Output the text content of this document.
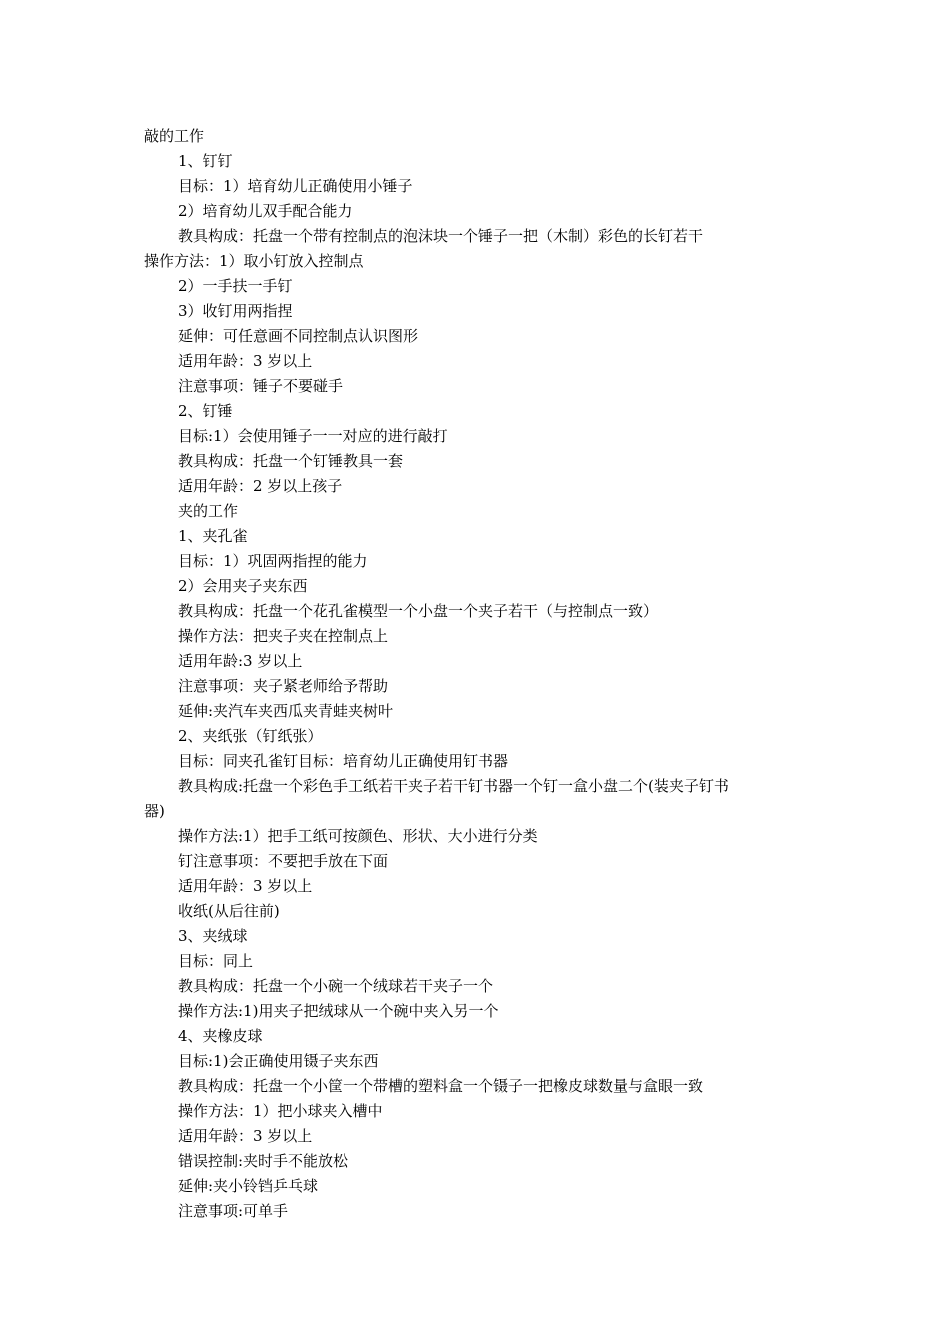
敲的工作
1、钉钉
目标：1）培育幼儿正确使用小锤子
2）培育幼儿双手配合能力
教具构成：托盘一个带有控制点的泡沫块一个锤子一把（木制）彩色的长钉若干
操作方法：1）取小钉放入控制点
2）一手扶一手钉
3）收钉用两指捏
延伸：可任意画不同控制点认识图形
适用年龄：3 岁以上
注意事项：锤子不要碰手
2、钉锤
目标:1）会使用锤子一一对应的进行敲打
教具构成：托盘一个钉锤教具一套
适用年龄：2 岁以上孩子
夹的工作
1、夹孔雀
目标：1）巩固两指捏的能力
2）会用夹子夹东西
教具构成：托盘一个花孔雀模型一个小盘一个夹子若干（与控制点一致）
操作方法：把夹子夹在控制点上
适用年龄:3 岁以上
注意事项：夹子紧老师给予帮助
延伸:夹汽车夹西瓜夹青蛙夹树叶
2、夹纸张（钉纸张）
目标：同夹孔雀钉目标：培育幼儿正确使用钉书器
教具构成:托盘一个彩色手工纸若干夹子若干钉书器一个钉一盒小盘二个(装夹子钉书
器)
操作方法:1）把手工纸可按颜色、形状、大小进行分类
钉注意事项：不要把手放在下面
适用年龄：3 岁以上
收纸(从后往前)
3、夹绒球
目标：同上
教具构成：托盘一个小碗一个绒球若干夹子一个
操作方法:1)用夹子把绒球从一个碗中夹入另一个
4、夹橡皮球
目标:1)会正确使用镊子夹东西
教具构成：托盘一个小筐一个带槽的塑料盒一个镊子一把橡皮球数量与盒眼一致
操作方法：1）把小球夹入槽中
适用年龄：3 岁以上
错误控制:夹时手不能放松
延伸:夹小铃铛乒乓球
注意事项:可单手
